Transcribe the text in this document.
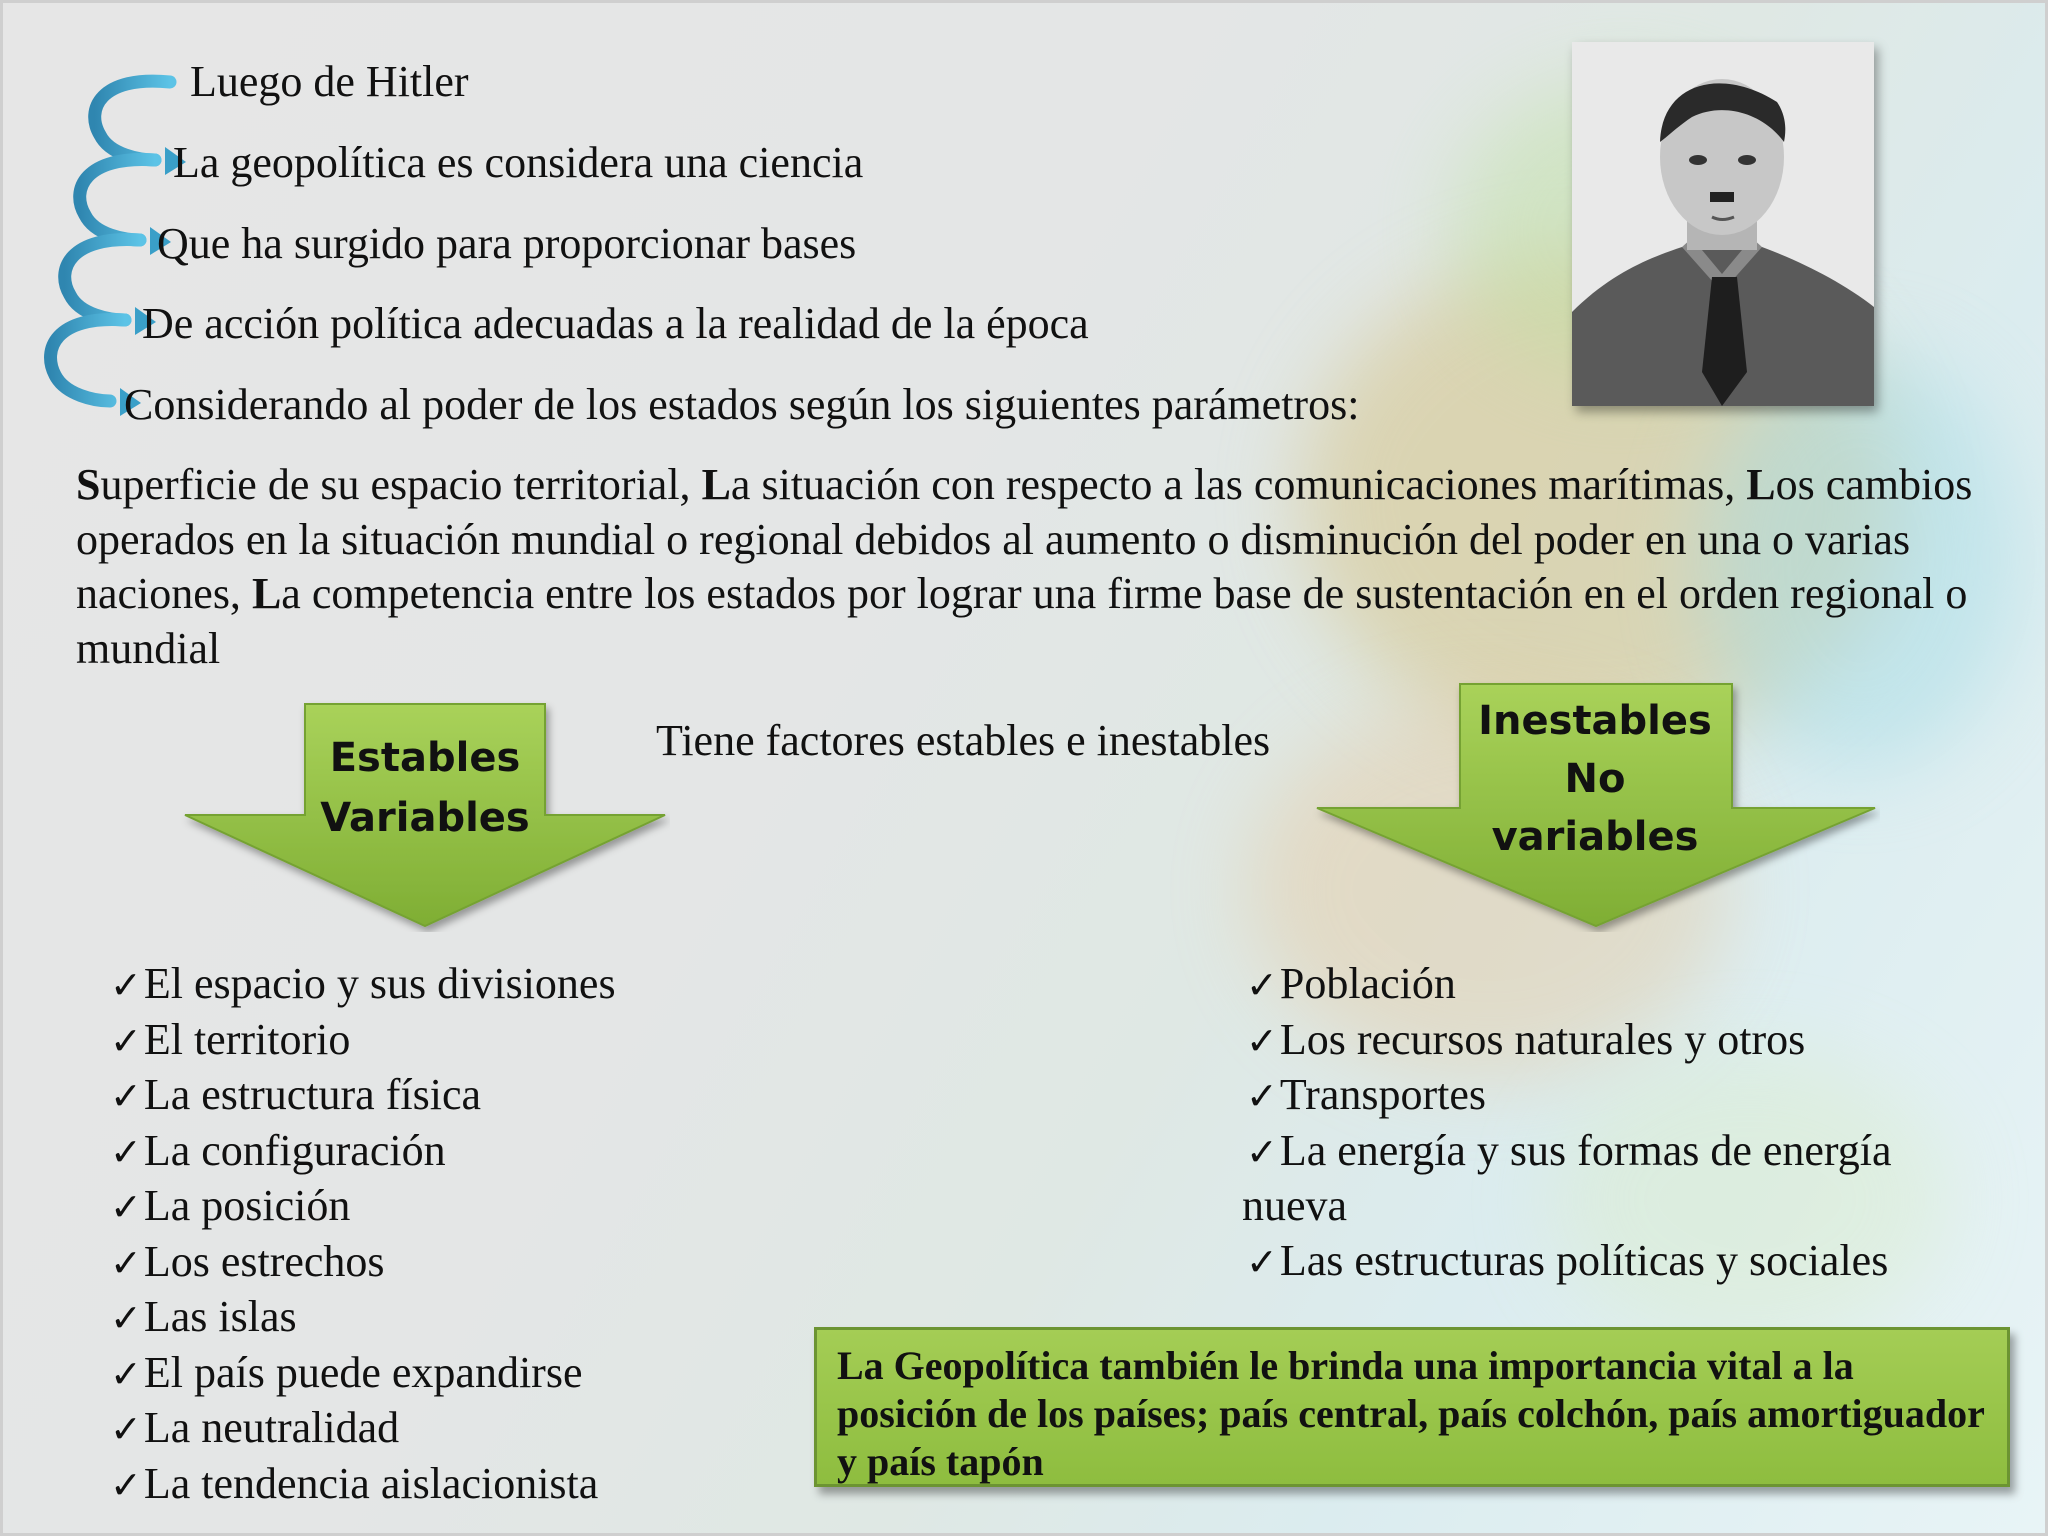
Luego de Hitler
La geopolítica es considera una ciencia
Que ha surgido para proporcionar bases
De acción política adecuadas a la realidad de la época
Considerando al poder de los estados según los siguientes parámetros:
Superficie de su espacio territorial, La situación con respecto a las comunicaciones marítimas, Los cambios operados en la situación mundial o regional debidos al aumento o disminución del poder en una o varias naciones, La competencia entre los estados por lograr una firme base de sustentación en el orden regional o mundial
Tiene factores estables e inestables
Estables
Variables
Inestables
No
variables
✓El espacio y sus divisiones
✓El territorio
✓La estructura física
✓La configuración
✓La posición
✓Los estrechos
✓Las islas
✓El país puede expandirse
✓La neutralidad
✓La tendencia aislacionista
✓Población
✓Los recursos naturales y otros
✓Transportes
✓La energía y sus formas de energía
nueva
✓Las estructuras políticas y sociales
La Geopolítica también le brinda una importancia vital a la posición de los países; país central, país colchón, país amortiguador y país tapón
